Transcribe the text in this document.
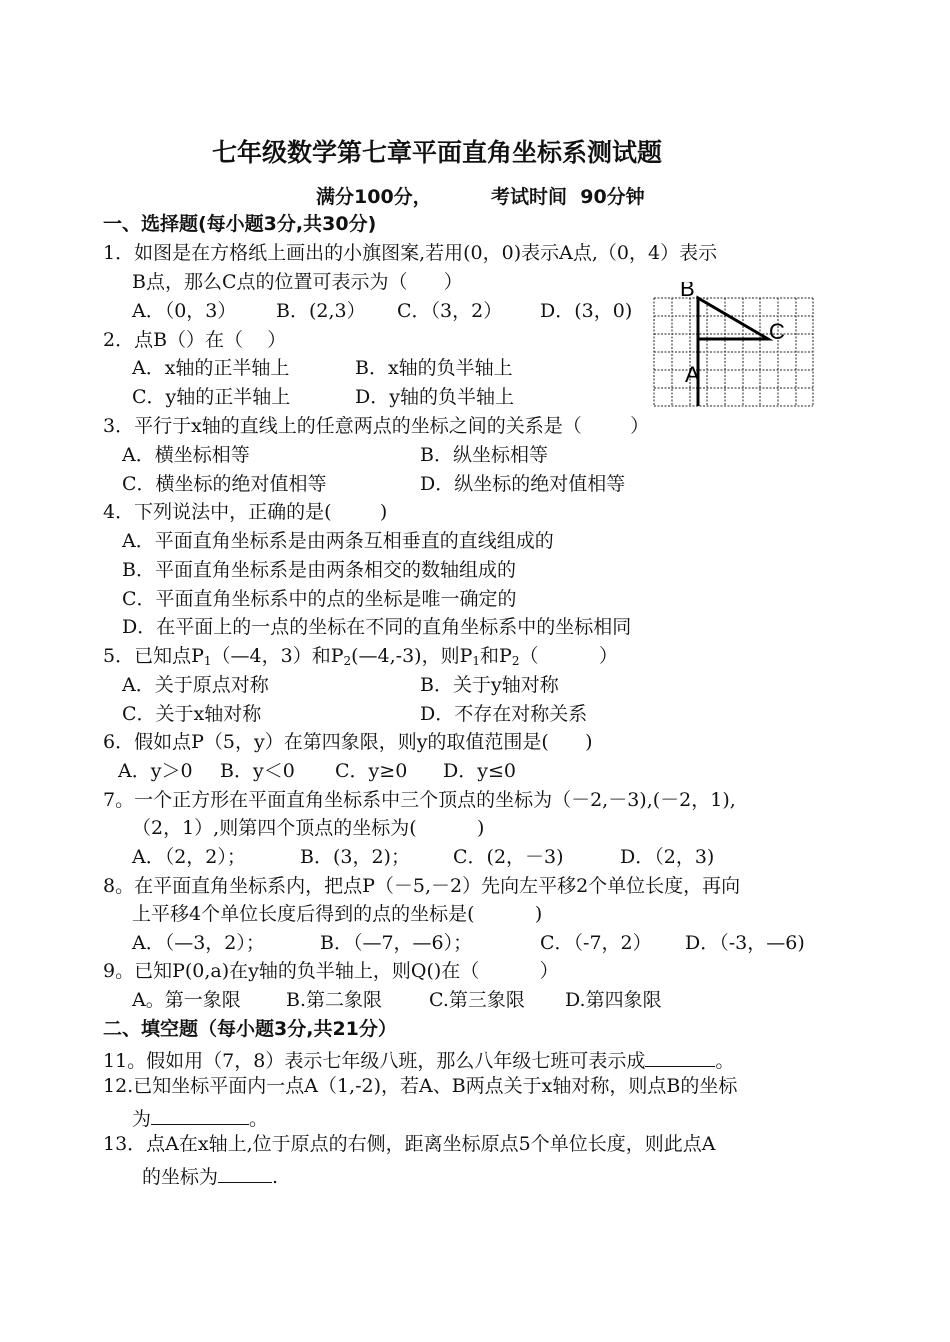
七年级数学第七章平面直角坐标系测试题
满分100分，	考试时间  90分钟
一、选择题(每小题3分,共30分)
1．如图是在方格纸上画出的小旗图案,若用(0，0)表示A点,（0，4）表示
B点，那么C点的位置可表示为（      ）
A．（0，3） B．(2,3） C．（3，2） D．(3，0)
B
C
A
2．点B（）在（    ）
A．x轴的正半轴上	B．x轴的负半轴上
C．y轴的正半轴上	D．y轴的负半轴上
3．平行于x轴的直线上的任意两点的坐标之间的关系是（        ）
A．横坐标相等	B．纵坐标相等
C．横坐标的绝对值相等	D．纵坐标的绝对值相等
4．下列说法中，正确的是(        )
A．平面直角坐标系是由两条互相垂直的直线组成的
B．平面直角坐标系是由两条相交的数轴组成的
C．平面直角坐标系中的点的坐标是唯一确定的
D．在平面上的一点的坐标在不同的直角坐标系中的坐标相同
5．已知点$P_1(—4$，3）和$P_2(—4,-3)$，则$P_1$和$P_2$（          ）
A．关于原点对称	B．关于y轴对称
C．关于x轴对称	D．不存在对称关系
6．假如点P（5，y）在第四象限，则y的取值范围是(      )
A．y＞0 B．y＜0 C．y≥0 D．y≤0
7。一个正方形在平面直角坐标系中三个顶点的坐标为（－2,－3),(－2，1),
（2，1）,则第四个顶点的坐标为(          )
A．（2，2）；	B．(3，2)； C．(2，－3)	D．（2，3)
8。在平面直角坐标系内，把点P（－5,－2）先向左平移2个单位长度，再向
上平移4个单位长度后得到的点的坐标是(          )
A．（—3，2）；	B．（—7，—6）；	C．（-7，2） D．（-3，—6)
9。已知P(0,a)在y轴的负半轴上，则Q()在（          ）
A。第一象限 B.第二象限 C.第三象限 D.第四象限
二、填空题（每小题3分,共21分）
11。假如用（7，8）表示七年级八班，那么八年级七班可表示成	。
12.已知坐标平面内一点A（1,-2)，若A、B两点关于x轴对称，则点B的坐标
为	。
13．点A在x轴上,位于原点的右侧，距离坐标原点5个单位长度，则此点A
的坐标为	.
